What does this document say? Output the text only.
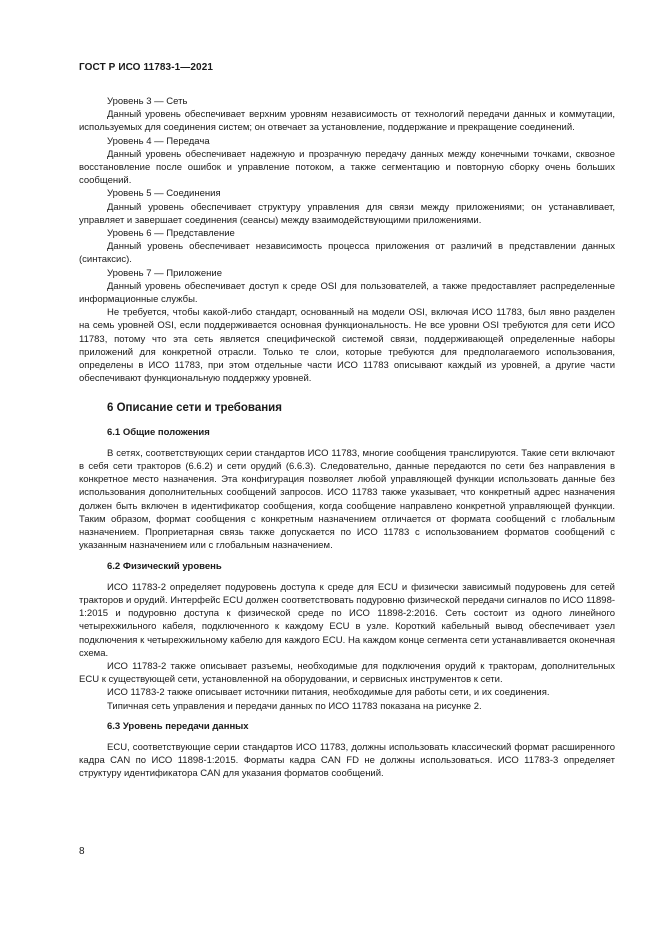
ГОСТ Р ИСО 11783-1—2021

Уровень 3 — Сеть

Данный уровень обеспечивает верхним уровням независимость от технологий передачи данных и коммутации, используемых для соединения систем; он отвечает за установление, поддержание и прекращение соединений.

Уровень 4 — Передача

Данный уровень обеспечивает надежную и прозрачную передачу данных между конечными точками, сквозное восстановление после ошибок и управление потоком, а также сегментацию и повторную сборку очень больших сообщений.

Уровень 5 — Соединения

Данный уровень обеспечивает структуру управления для связи между приложениями; он устанавливает, управляет и завершает соединения (сеансы) между взаимодействующими приложениями.

Уровень 6 — Представление

Данный уровень обеспечивает независимость процесса приложения от различий в представлении данных (синтаксис).

Уровень 7 — Приложение

Данный уровень обеспечивает доступ к среде OSI для пользователей, а также предоставляет распределенные информационные службы.

Не требуется, чтобы какой-либо стандарт, основанный на модели OSI, включая ИСО 11783, был явно разделен на семь уровней OSI, если поддерживается основная функциональность. Не все уровни OSI требуются для сети ИСО 11783, потому что эта сеть является специфической системой связи, поддерживающей определенные наборы приложений для конкретной отрасли. Только те слои, которые требуются для предполагаемого использования, определены в ИСО 11783, при этом отдельные части ИСО 11783 описывают каждый из уровней, а другие части обеспечивают функциональную поддержку уровней.

6 Описание сети и требования
6.1 Общие положения

В сетях, соответствующих серии стандартов ИСО 11783, многие сообщения транслируются. Такие сети включают в себя сети тракторов (6.6.2) и сети орудий (6.6.3). Следовательно, данные передаются по сети без направления в конкретное место назначения. Эта конфигурация позволяет любой управляющей функции использовать данные без использования дополнительных сообщений запросов. ИСО 11783 также указывает, что конкретный адрес назначения должен быть включен в идентификатор сообщения, когда сообщение направлено конкретной управляющей функции. Таким образом, формат сообщения с конкретным назначением отличается от формата сообщений с глобальным назначением. Проприетарная связь также допускается по ИСО 11783 с использованием форматов сообщений с указанным назначением или с глобальным назначением.

6.2 Физический уровень

ИСО 11783-2 определяет подуровень доступа к среде для ECU и физически зависимый подуровень для сетей тракторов и орудий. Интерфейс ECU должен соответствовать подуровню физической передачи сигналов по ИСО 11898-1:2015 и подуровню доступа к физической среде по ИСО 11898-2:2016. Сеть состоит из одного линейного четырехжильного кабеля, подключенного к каждому ECU в узле. Короткий кабельный вывод обеспечивает узел подключения к четырехжильному кабелю для каждого ECU. На каждом конце сегмента сети устанавливается оконечная схема.

ИСО 11783-2 также описывает разъемы, необходимые для подключения орудий к тракторам, дополнительных ECU к существующей сети, установленной на оборудовании, и сервисных инструментов к сети.

ИСО 11783-2 также описывает источники питания, необходимые для работы сети, и их соединения.

Типичная сеть управления и передачи данных по ИСО 11783 показана на рисунке 2.

6.3 Уровень передачи данных

ECU, соответствующие серии стандартов ИСО 11783, должны использовать классический формат расширенного кадра CAN по ИСО 11898-1:2015. Форматы кадра CAN FD не должны использоваться. ИСО 11783-3 определяет структуру идентификатора CAN для указания форматов сообщений.

8
